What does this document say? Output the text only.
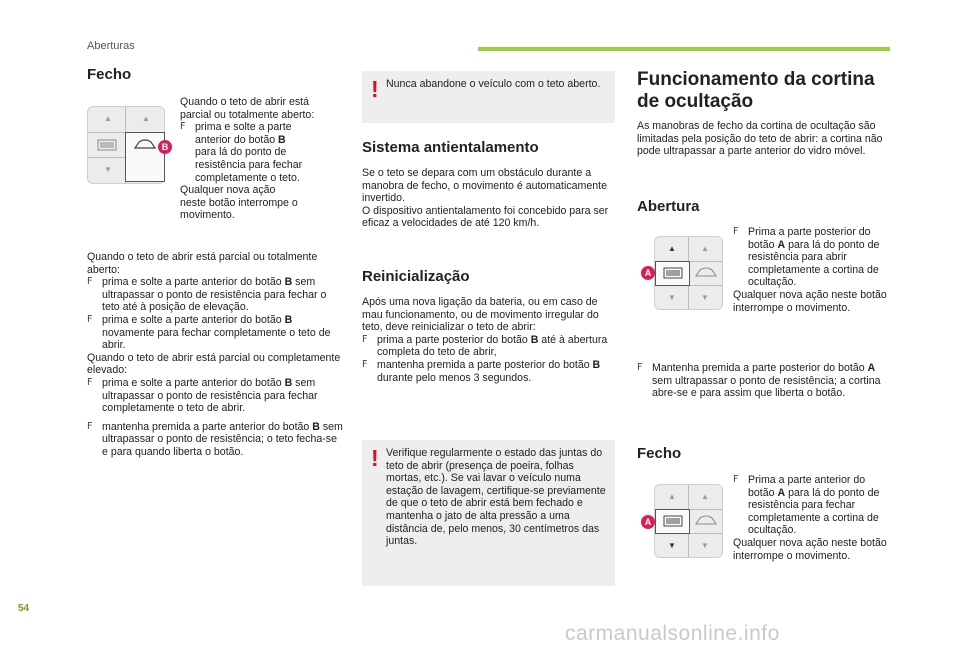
Aberturas
Fecho
▲	▲
▼
B

Quando o teto de abrir está
parcial ou totalmente aberto:

F prima e solte a parte
anterior do botão B
para lá do ponto de
resistência para fechar
completamente o teto.

Qualquer nova ação
neste botão interrompe o
movimento.

Quando o teto de abrir está parcial ou totalmente aberto:

F prima e solte a parte anterior do botão B sem ultrapassar o ponto de resistência para fechar o teto até à posição de elevação.

F prima e solte a parte anterior do botão B novamente para fechar completamente o teto de abrir.

Quando o teto de abrir está parcial ou completamente elevado:

F prima e solte a parte anterior do botão B sem ultrapassar o ponto de resistência para fechar completamente o teto de abrir.

F mantenha premida a parte anterior do botão B sem ultrapassar o ponto de resistência; o teto fecha-se e para quando liberta o botão.

! Nunca abandone o veículo com o teto aberto.
Sistema antientalamento

Se o teto se depara com um obstáculo durante a manobra de fecho, o movimento é automaticamente invertido.

O dispositivo antientalamento foi concebido para ser eficaz a velocidades de até 120 km/h.

Reinicialização

Após uma nova ligação da bateria, ou em caso de mau funcionamento, ou de movimento irregular do teto, deve reinicializar o teto de abrir:

F prima a parte posterior do botão B até à abertura completa do teto de abrir,

F mantenha premida a parte posterior do botão B durante pelo menos 3 segundos.

! Verifique regularmente o estado das juntas do teto de abrir (presença de poeira, folhas mortas, etc.). Se vai lavar o veículo numa estação de lavagem, certifique-se previamente de que o teto de abrir está bem fechado e mantenha o jato de alta pressão a uma distância de, pelo menos, 30 centímetros das juntas.
Funcionamento da cortina de ocultação
As manobras de fecho da cortina de ocultação são limitadas pela posição do teto de abrir: a cortina não pode ultrapassar a parte anterior do vidro móvel.
Abertura
▲	▲
▼	▼
A

F Prima a parte posterior do botão A para lá do ponto de resistência para abrir completamente a cortina de ocultação.

Qualquer nova ação neste botão interrompe o movimento.

F Mantenha premida a parte posterior do botão A sem ultrapassar o ponto de resistência; a cortina abre-se e para assim que liberta o botão.

Fecho
▲	▲
▼	▼
A

F Prima a parte anterior do botão A para lá do ponto de resistência para fechar completamente a cortina de ocultação.

Qualquer nova ação neste botão interrompe o movimento.

54
carmanualsonline.info
